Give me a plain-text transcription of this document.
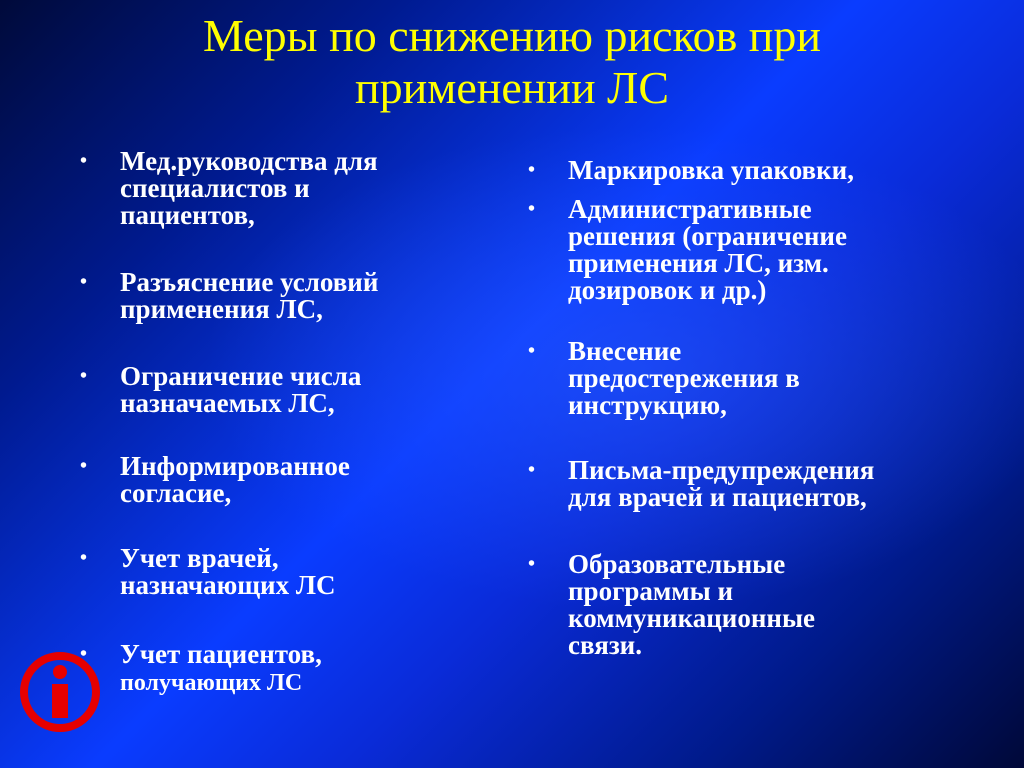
Меры по снижению рисков при
применении ЛС
• Мед.руководства для
специалистов и
пациентов,
• Разъяснение условий
применения ЛС,
• Ограничение числа
назначаемых ЛС,
• Информированное
согласие,
• Учет врачей,
назначающих ЛС
• Учет пациентов,
получающих ЛС
• Маркировка упаковки,
• Административные
решения (ограничение
применения ЛС, изм.
дозировок и др.)
• Внесение
предостережения в
инструкцию,
• Письма-предупреждения
для врачей и пациентов,
• Образовательные
программы и
коммуникационные
связи.
